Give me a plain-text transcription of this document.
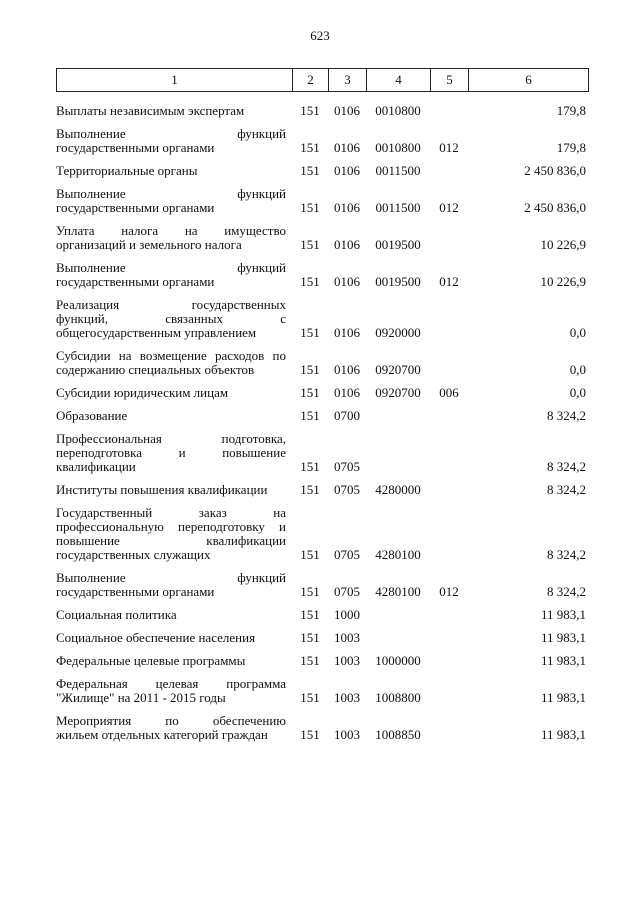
623
1	2	3	4	5	6
Выплаты независимым экспертам	151	0106	0010800		179,8

Выполнение функций
государственными органами	151	0106	0010800	012	179,8

Территориальные органы	151	0106	0011500		2 450 836,0

Выполнение функций
государственными органами	151	0106	0011500	012	2 450 836,0

Уплата налога на имущество
организаций и земельного налога	151	0106	0019500		10 226,9

Выполнение функций
государственными органами	151	0106	0019500	012	10 226,9

Реализация государственных
функций, связанных с
общегосударственным управлением	151	0106	0920000		0,0

Субсидии на возмещение расходов по
содержанию специальных объектов	151	0106	0920700		0,0

Субсидии юридическим лицам	151	0106	0920700	006	0,0

Образование	151	0700			8 324,2

Профессиональная подготовка,
переподготовка и повышение
квалификации	151	0705			8 324,2

Институты повышения квалификации	151	0705	4280000		8 324,2

Государственный заказ на
профессиональную переподготовку и
повышение квалификации
государственных служащих	151	0705	4280100		8 324,2

Выполнение функций
государственными органами	151	0705	4280100	012	8 324,2

Социальная политика	151	1000			11 983,1

Социальное обеспечение населения	151	1003			11 983,1

Федеральные целевые программы	151	1003	1000000		11 983,1

Федеральная целевая программа
"Жилище" на 2011 - 2015 годы	151	1003	1008800		11 983,1

Мероприятия по обеспечению
жильем отдельных категорий граждан	151	1003	1008850		11 983,1
